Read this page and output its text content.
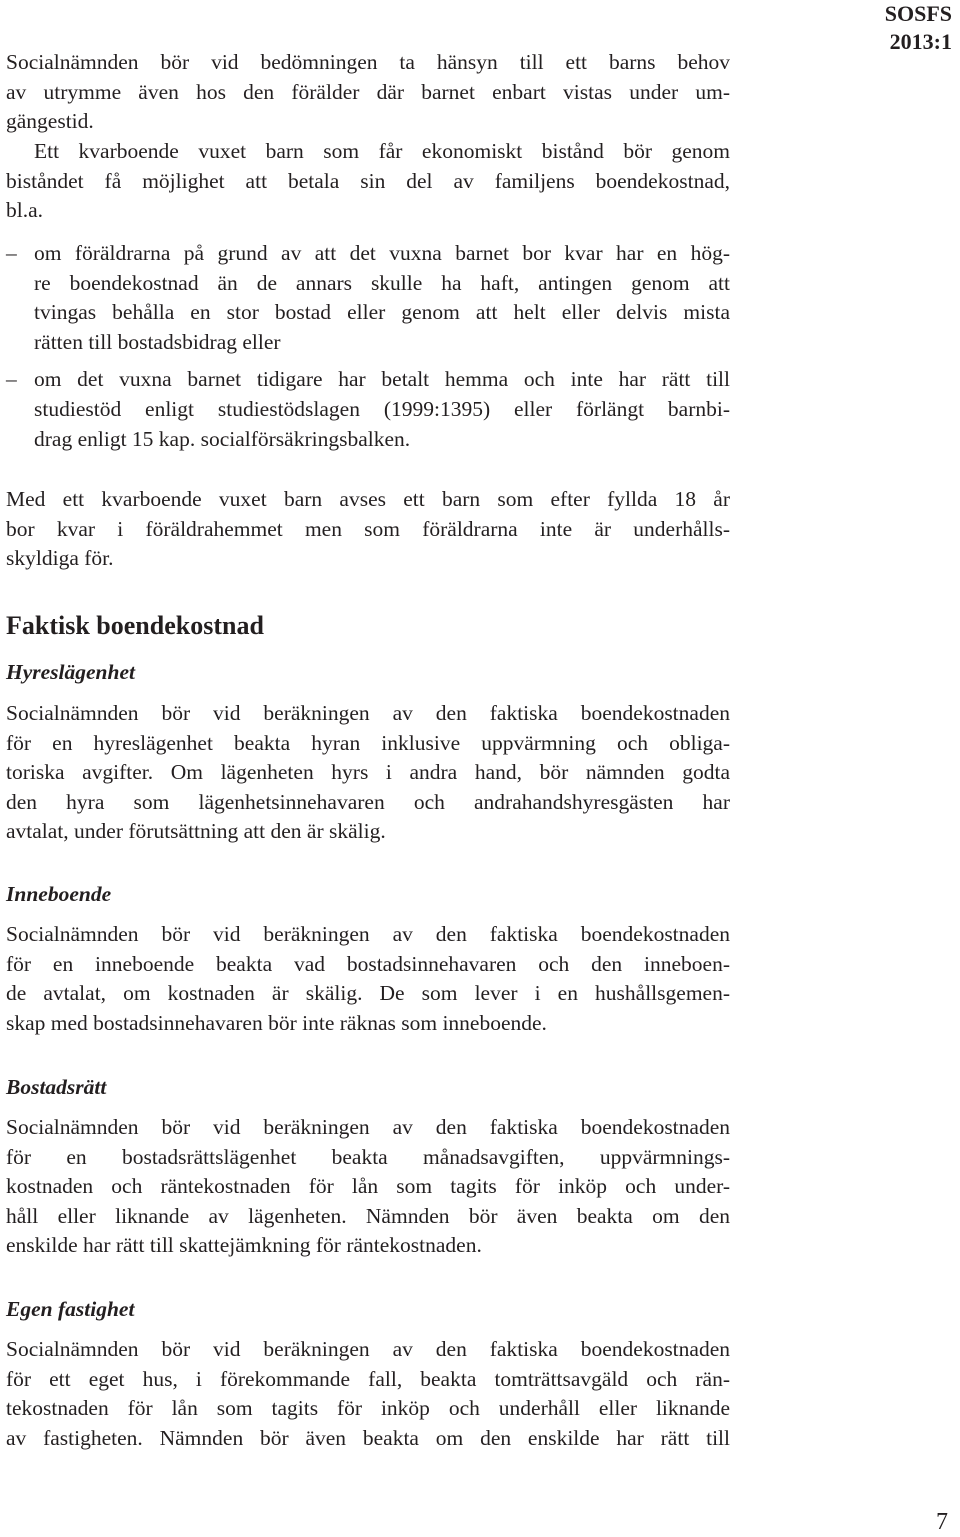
SOSFS
2013:1
Socialnämnden bör vid bedömningen ta hänsyn till ett barns behov
av utrymme även hos den förälder där barnet enbart vistas under um-
gängestid.
Ett kvarboende vuxet barn som får ekonomiskt bistånd bör genom
biståndet få möjlighet att betala sin del av familjens boendekostnad,
bl.a.
– om föräldrarna på grund av att det vuxna barnet bor kvar har en hög-
re boendekostnad än de annars skulle ha haft, antingen genom att
tvingas behålla en stor bostad eller genom att helt eller delvis mista
rätten till bostadsbidrag eller
– om det vuxna barnet tidigare har betalt hemma och inte har rätt till
studiestöd enligt studiestödslagen (1999:1395) eller förlängt barnbi-
drag enligt 15 kap. socialförsäkringsbalken.
Med ett kvarboende vuxet barn avses ett barn som efter fyllda 18 år
bor kvar i föräldrahemmet men som föräldrarna inte är underhålls-
skyldiga för.
Faktisk boendekostnad
Hyreslägenhet
Socialnämnden bör vid beräkningen av den faktiska boendekostnaden
för en hyreslägenhet beakta hyran inklusive uppvärmning och obliga-
toriska avgifter. Om lägenheten hyrs i andra hand, bör nämnden godta
den hyra som lägenhetsinnehavaren och andrahandshyresgästen har
avtalat, under förutsättning att den är skälig.
Inneboende
Socialnämnden bör vid beräkningen av den faktiska boendekostnaden
för en inneboende beakta vad bostadsinnehavaren och den inneboen-
de avtalat, om kostnaden är skälig. De som lever i en hushållsgemen-
skap med bostadsinnehavaren bör inte räknas som inneboende.
Bostadsrätt
Socialnämnden bör vid beräkningen av den faktiska boendekostnaden
för en bostadsrättslägenhet beakta månadsavgiften, uppvärmnings-
kostnaden och räntekostnaden för lån som tagits för inköp och under-
håll eller liknande av lägenheten. Nämnden bör även beakta om den
enskilde har rätt till skattejämkning för räntekostnaden.
Egen fastighet
Socialnämnden bör vid beräkningen av den faktiska boendekostnaden
för ett eget hus, i förekommande fall, beakta tomträttsavgäld och rän-
tekostnaden för lån som tagits för inköp och underhåll eller liknande
av fastigheten. Nämnden bör även beakta om den enskilde har rätt till
7
